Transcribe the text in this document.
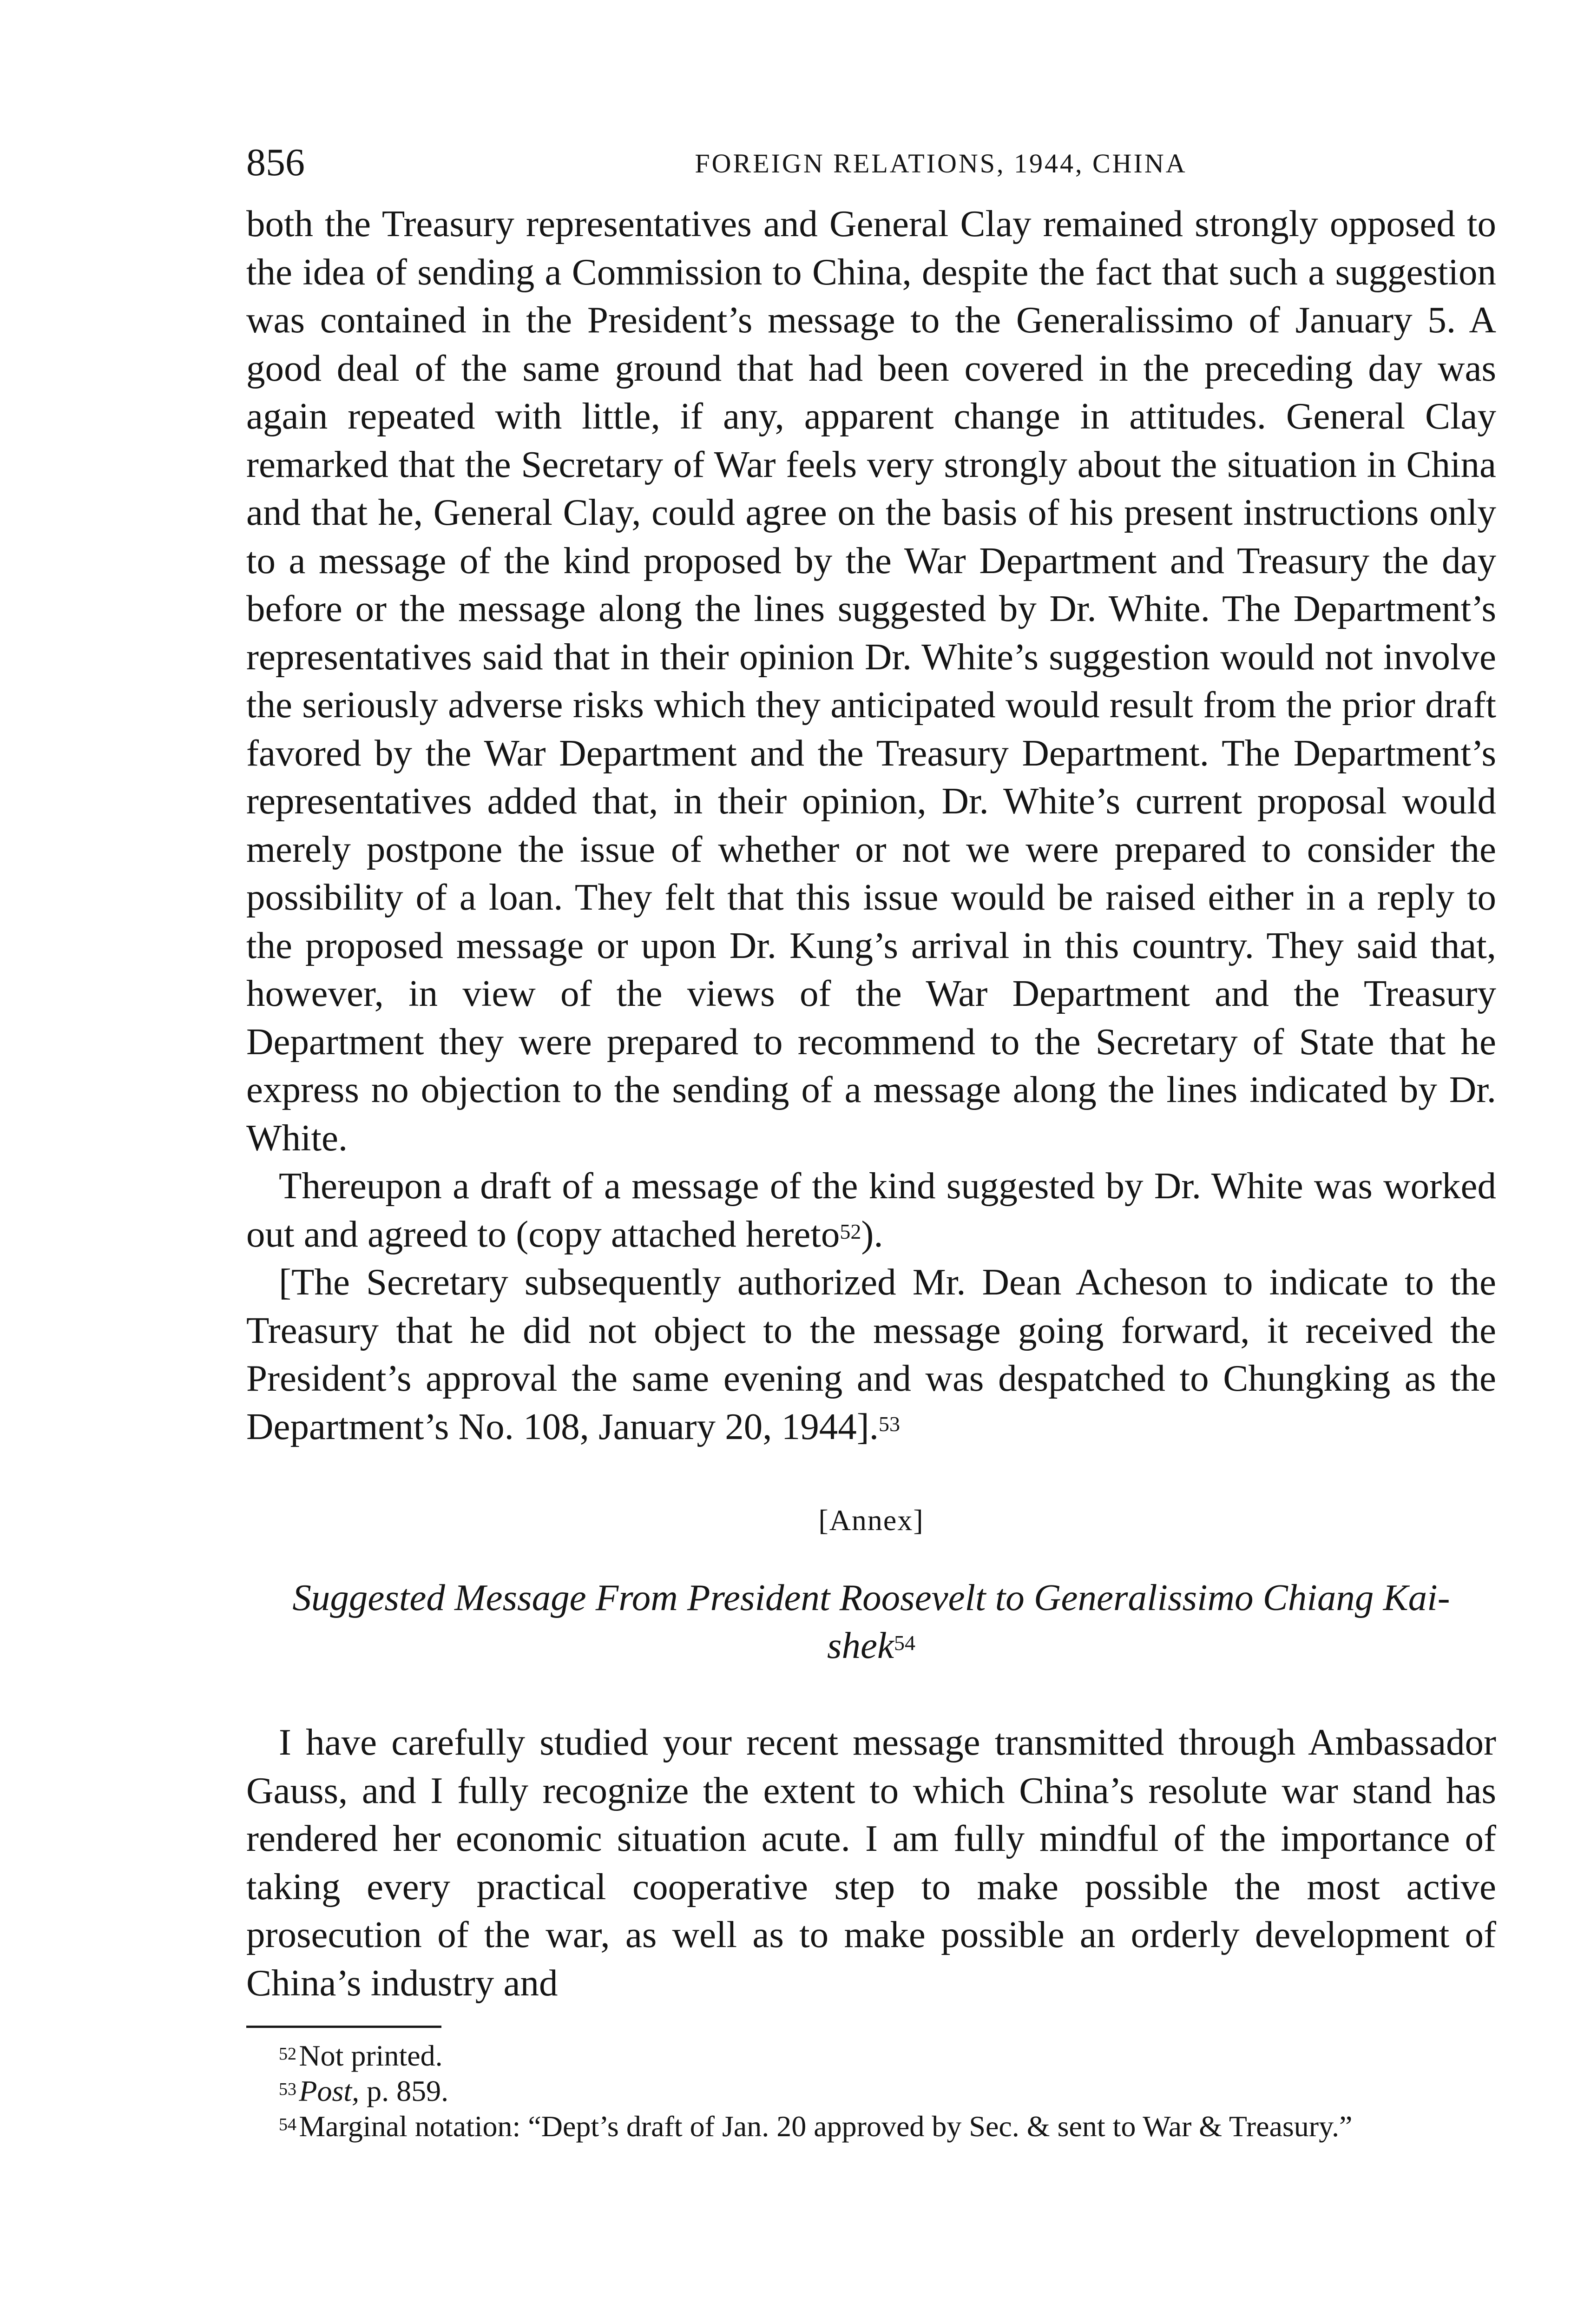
856	FOREIGN RELATIONS, 1944, CHINA

both the Treasury representatives and General Clay remained strongly opposed to the idea of sending a Commission to China, despite the fact that such a suggestion was contained in the President’s message to the Generalissimo of January 5. A good deal of the same ground that had been covered in the preceding day was again repeated with little, if any, apparent change in attitudes. General Clay remarked that the Secretary of War feels very strongly about the situation in China and that he, General Clay, could agree on the basis of his present instructions only to a message of the kind proposed by the War Department and Treasury the day before or the message along the lines suggested by Dr. White. The Department’s representatives said that in their opinion Dr. White’s suggestion would not involve the seriously adverse risks which they anticipated would result from the prior draft favored by the War Department and the Treasury Department. The Department’s representatives added that, in their opinion, Dr. White’s current proposal would merely postpone the issue of whether or not we were prepared to consider the possibility of a loan. They felt that this issue would be raised either in a reply to the proposed message or upon Dr. Kung’s arrival in this country. They said that, however, in view of the views of the War Department and the Treasury Department they were prepared to recommend to the Secretary of State that he express no objection to the sending of a message along the lines indicated by Dr. White.

Thereupon a draft of a message of the kind suggested by Dr. White was worked out and agreed to (copy attached hereto$^{52}$).

[The Secretary subsequently authorized Mr. Dean Acheson to indicate to the Treasury that he did not object to the message going forward, it received the President’s approval the same evening and was despatched to Chungking as the Department’s No. 108, January 20, 1944].$^{53}$

[Annex]
Suggested Message From President Roosevelt to Generalissimo Chiang Kai-shek$^{54}$

I have carefully studied your recent message transmitted through Ambassador Gauss, and I fully recognize the extent to which China’s resolute war stand has rendered her economic situation acute. I am fully mindful of the importance of taking every practical cooperative step to make possible the most active prosecution of the war, as well as to make possible an orderly development of China’s industry and

$^{52}$ Not printed.
$^{53}$ Post, p. 859.
$^{54}$ Marginal notation: “Dept’s draft of Jan. 20 approved by Sec. & sent to War & Treasury.”
